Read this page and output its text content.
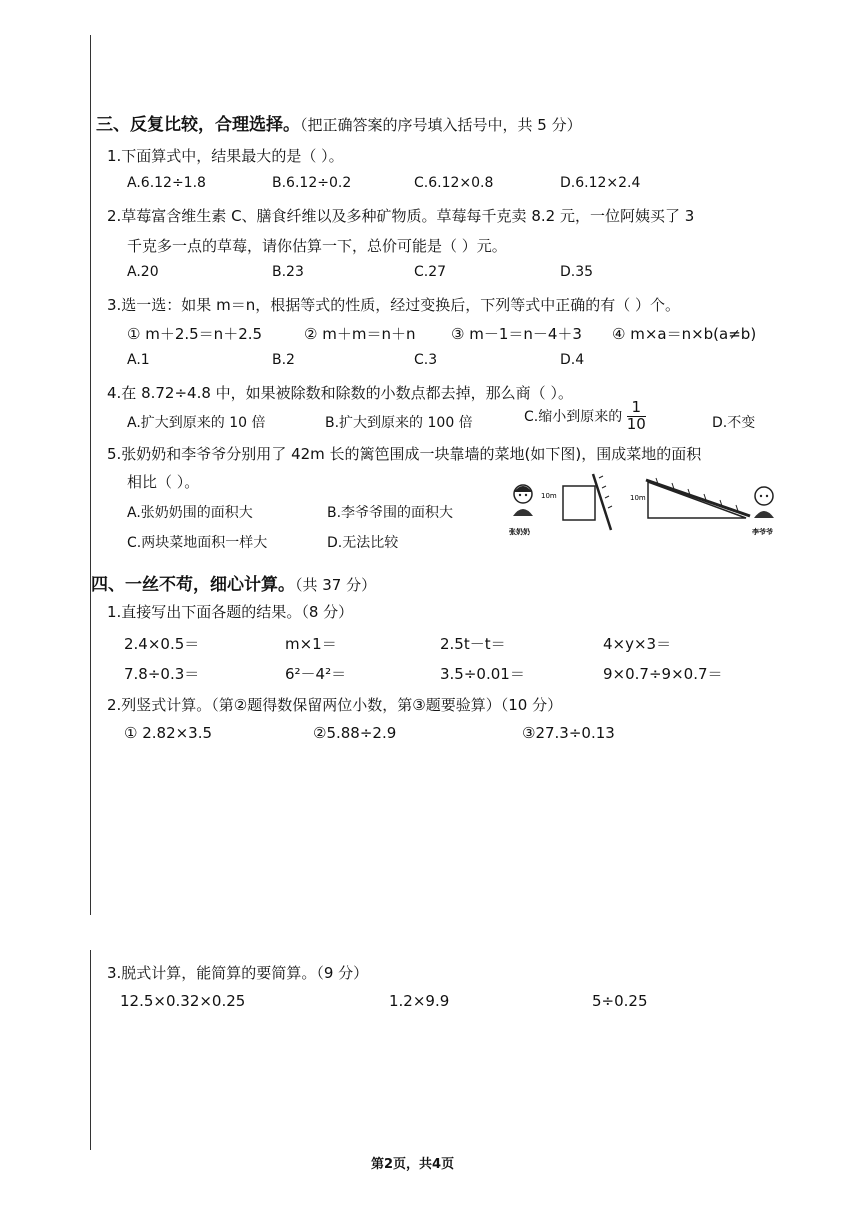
三、反复比较，合理选择。（把正确答案的序号填入括号中，共 5 分）
1.下面算式中，结果最大的是（ ）。
A.6.12÷1.8	B.6.12÷0.2	C.6.12×0.8	D.6.12×2.4
2.草莓富含维生素 C、膳食纤维以及多种矿物质。草莓每千克卖 8.2 元，一位阿姨买了 3
千克多一点的草莓，请你估算一下，总价可能是（ ）元。
A.20	B.23	C.27	D.35
3.选一选：如果 m＝n，根据等式的性质，经过变换后，下列等式中正确的有（ ）个。
① m＋2.5＝n＋2.5	② m＋m＝n＋n ③ m－1＝n－4＋3 ④ m×a＝n×b(a≠b)
A.1	B.2	C.3	D.4
4.在 8.72÷4.8 中，如果被除数和除数的小数点都去掉，那么商（ ）。
A.扩大到原来的 10 倍	B.扩大到原来的 100 倍	C.缩小到原来的 $\frac{1}{10}$	D.不变
5.张奶奶和李爷爷分别用了 42m 长的篱笆围成一块靠墙的菜地(如下图)，围成菜地的面积
相比（ ）。
A.张奶奶围的面积大	B.李爷爷围的面积大
C.两块菜地面积一样大	D.无法比较
10m
张奶奶
10m
李爷爷
四、一丝不苟，细心计算。（共 37 分）
1.直接写出下面各题的结果。（8 分）
2.4×0.5＝	m×1＝	2.5t－t＝	4×y×3＝
7.8÷0.3＝	6²－4²＝	3.5÷0.01＝	9×0.7÷9×0.7＝
2.列竖式计算。（第②题得数保留两位小数，第③题要验算）（10 分）
① 2.82×3.5	②5.88÷2.9	③27.3÷0.13
3.脱式计算，能简算的要简算。（9 分）
12.5×0.32×0.25	1.2×9.9	5÷0.25
第2页，共4页
